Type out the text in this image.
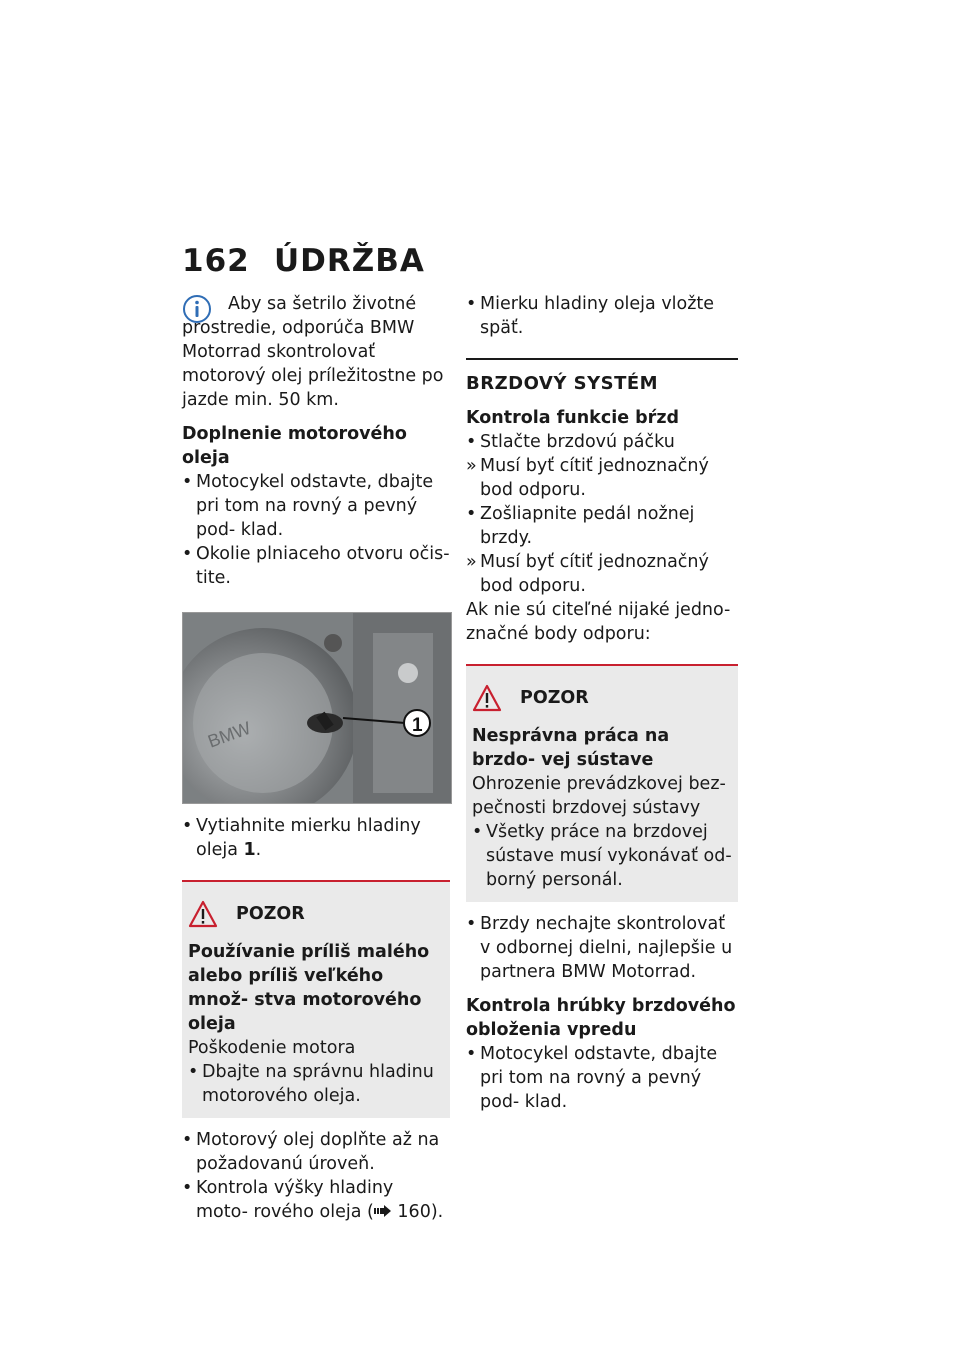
162 ÚDRŽBA

Aby sa šetrilo životné prostredie, odporúča BMW Motorrad skontrolovať motorový olej príležitostne po jazde min. 50 km.

Doplnenie motorového oleja

• Motocykel odstavte, dbajte pri tom na rovný a pevný pod- klad.

• Okolie plniaceho otvoru očis- tite.

1
BMW

• Vytiahnite mierku hladiny oleja 1.

POZOR

Používanie príliš malého alebo príliš veľkého množ- stva motorového oleja

Poškodenie motora

• Dbajte na správnu hladinu motorového oleja.

• Motorový olej doplňte až na požadovanú úroveň.

• Kontrola výšky hladiny moto- rového oleja ( 160).

• Mierku hladiny oleja vložte späť.

BRZDOVÝ SYSTÉM

Kontrola funkcie bŕzd

• Stlačte brzdovú páčku

» Musí byť cítiť jednoznačný bod odporu.

• Zošliapnite pedál nožnej brzdy.

» Musí byť cítiť jednoznačný bod odporu.

Ak nie sú citeľné nijaké jedno- značné body odporu:

POZOR

Nesprávna práca na brzdo- vej sústave

Ohrozenie prevádzkovej bez- pečnosti brzdovej sústavy

• Všetky práce na brzdovej sústave musí vykonávať od- borný personál.

• Brzdy nechajte skontrolovať v odbornej dielni, najlepšie u partnera BMW Motorrad.

Kontrola hrúbky brzdového obloženia vpredu

• Motocykel odstavte, dbajte pri tom na rovný a pevný pod- klad.
